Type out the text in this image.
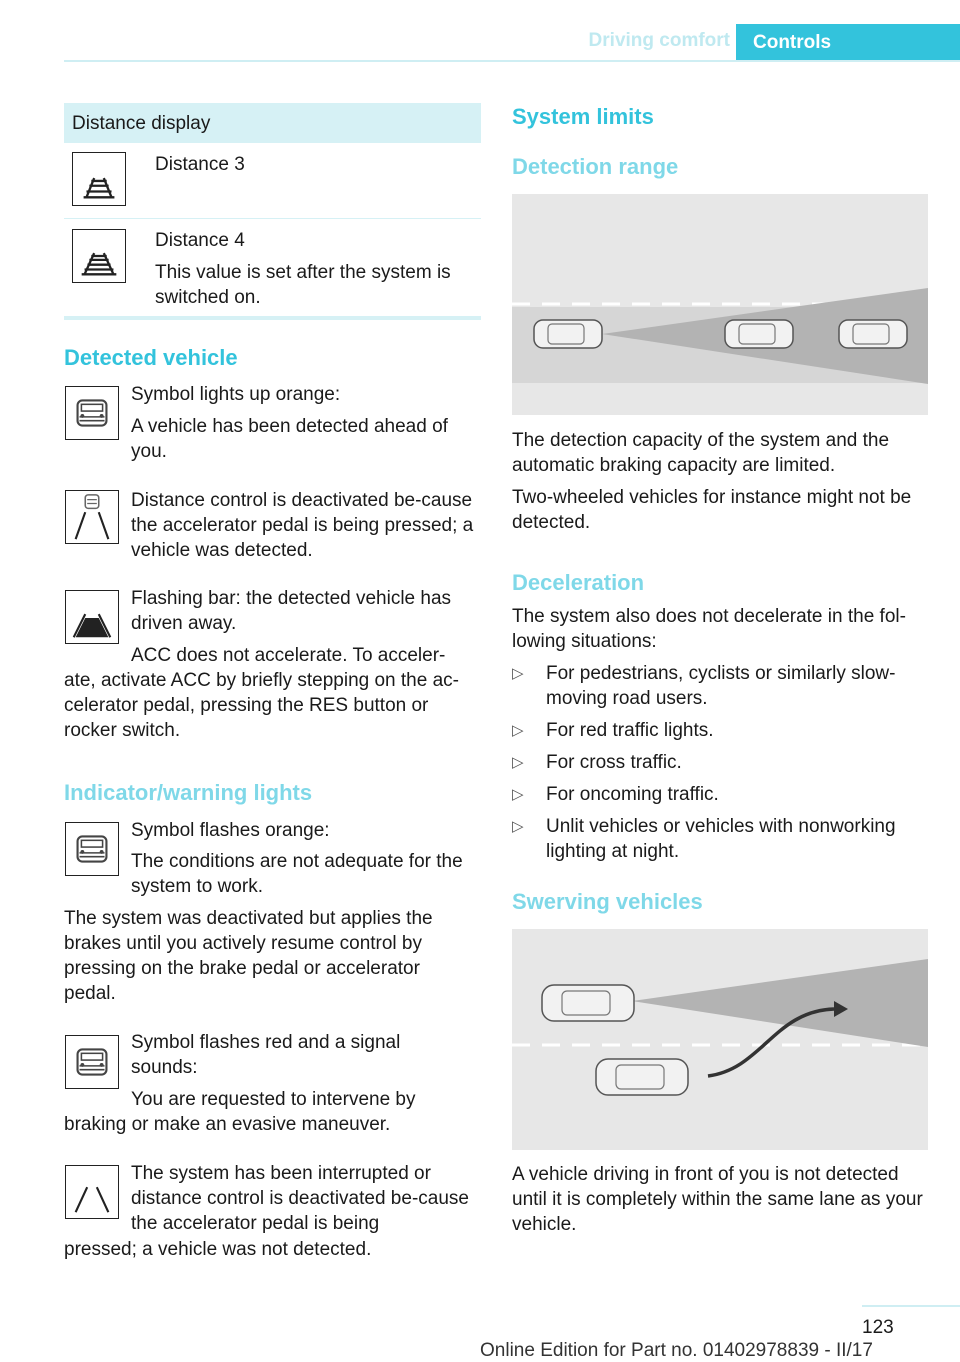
Driving comfort	Controls
Distance display
Distance 3
Distance 4
This value is set after the system is switched on.
Detected vehicle
Symbol lights up orange:
A vehicle has been detected ahead of you.
Distance control is deactivated be-cause the accelerator pedal is being pressed; a vehicle was detected.
Flashing bar: the detected vehicle has driven away.
ACC does not accelerate. To acceler-
ate, activate ACC by briefly stepping on the ac-celerator pedal, pressing the RES button or rocker switch.
Indicator/warning lights
Symbol flashes orange:
The conditions are not adequate for the system to work.
The system was deactivated but applies the brakes until you actively resume control by pressing on the brake pedal or accelerator pedal.
Symbol flashes red and a signal sounds:
You are requested to intervene by
braking or make an evasive maneuver.
The system has been interrupted or distance control is deactivated be-cause the accelerator pedal is being
pressed; a vehicle was not detected.
System limits
Detection range
The detection capacity of the system and the automatic braking capacity are limited.
Two-wheeled vehicles for instance might not be detected.
Deceleration
The system also does not decelerate in the fol-lowing situations:
▷	For pedestrians, cyclists or similarly slow-moving road users.
▷	For red traffic lights.
▷	For cross traffic.
▷	For oncoming traffic.
▷	Unlit vehicles or vehicles with nonworking lighting at night.
Swerving vehicles
A vehicle driving in front of you is not detected until it is completely within the same lane as your vehicle.
123
Online Edition for Part no. 01402978839 - II/17
